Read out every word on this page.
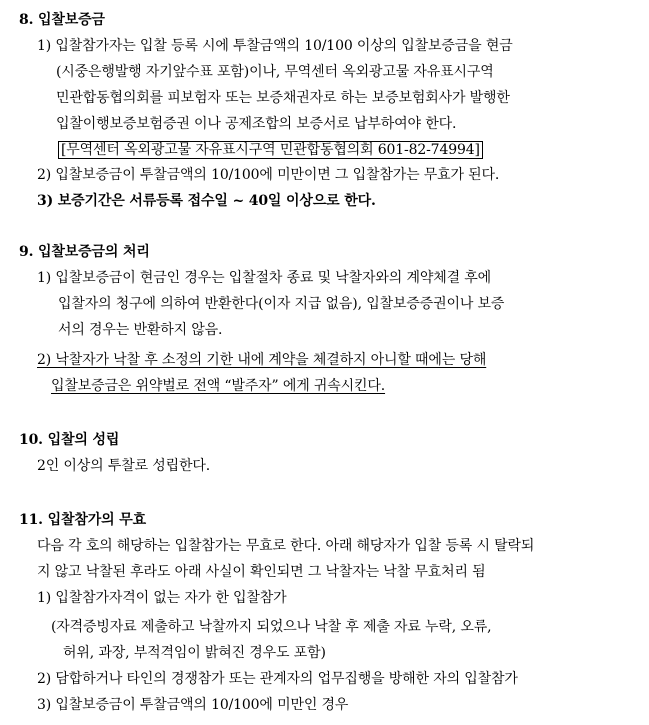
8. 입찰보증금
1) 입찰참가자는 입찰 등록 시에 투찰금액의 10/100 이상의 입찰보증금을 현금
(시중은행발행 자기앞수표 포함)이나, 무역센터 옥외광고물 자유표시구역
민관합동협의회를 피보험자 또는 보증채권자로 하는 보증보험회사가 발행한
입찰이행보증보험증권 이나 공제조합의 보증서로 납부하여야 한다.
[무역센터 옥외광고물 자유표시구역 민관합동협의회 601-82-74994]
2) 입찰보증금이 투찰금액의 10/100에 미만이면 그 입찰참가는 무효가 된다.
3) 보증기간은 서류등록 접수일 ~ 40일 이상으로 한다.
9. 입찰보증금의 처리
1) 입찰보증금이 현금인 경우는 입찰절차 종료 및 낙찰자와의 계약체결 후에
입찰자의 청구에 의하여 반환한다(이자 지급 없음), 입찰보증증권이나 보증
서의 경우는 반환하지 않음.
2) 낙찰자가 낙찰 후 소정의 기한 내에 계약을 체결하지 아니할 때에는 당해
입찰보증금은 위약벌로 전액 “발주자” 에게 귀속시킨다.
10. 입찰의 성립
2인 이상의 투찰로 성립한다.
11. 입찰참가의 무효
다음 각 호의 해당하는 입찰참가는 무효로 한다. 아래 해당자가 입찰 등록 시 탈락되
지 않고 낙찰된 후라도 아래 사실이 확인되면 그 낙찰자는 낙찰 무효처리 됨
1) 입찰참가자격이 없는 자가 한 입찰참가
(자격증빙자료 제출하고 낙찰까지 되었으나 낙찰 후 제출 자료 누락, 오류,
허위, 과장, 부적격임이 밝혀진 경우도 포함)
2) 담합하거나 타인의 경쟁참가 또는 관계자의 업무집행을 방해한 자의 입찰참가
3) 입찰보증금이 투찰금액의 10/100에 미만인 경우
